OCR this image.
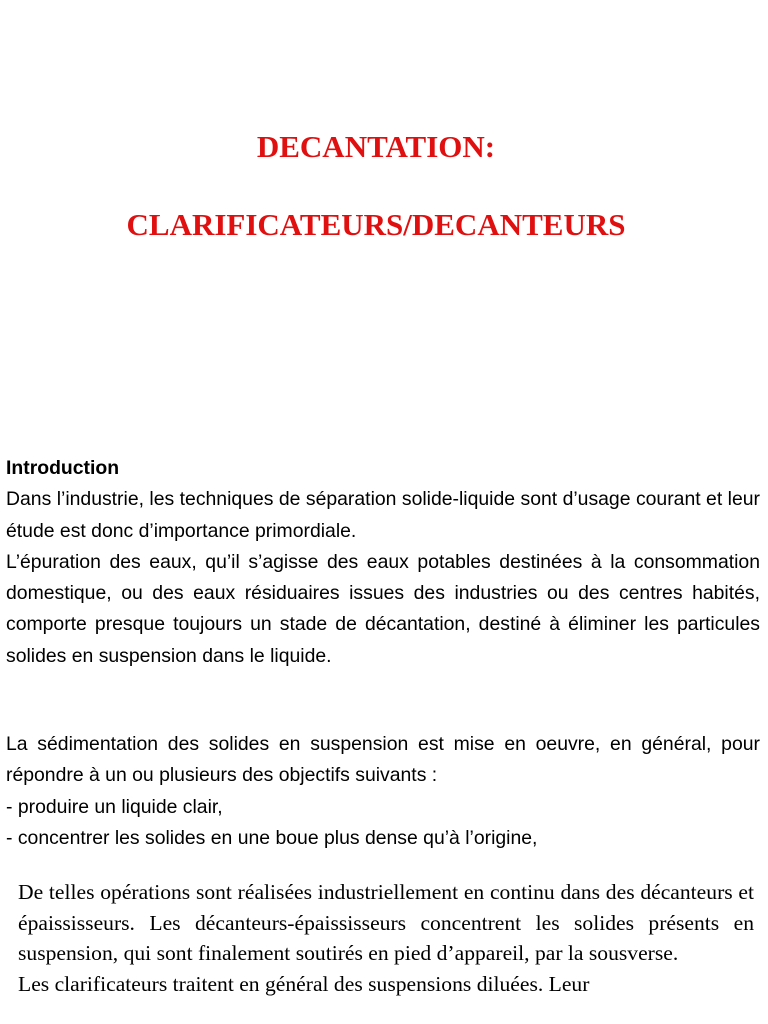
DECANTATION:
CLARIFICATEURS/DECANTEURS

Introduction

Dans l’industrie, les techniques de séparation solide-liquide sont d’usage courant et leur étude est donc d’importance primordiale.

L’épuration des eaux, qu’il s’agisse des eaux potables destinées à la consommation domestique, ou des eaux résiduaires issues des industries ou des centres habités, comporte presque toujours un stade de décantation, destiné à éliminer les particules solides en suspension dans le liquide.

La sédimentation des solides en suspension est mise en oeuvre, en général, pour répondre à un ou plusieurs des objectifs suivants :

- produire un liquide clair,

- concentrer les solides en une boue plus dense qu’à l’origine,

De telles opérations sont réalisées industriellement en continu dans des décanteurs et épaississeurs. Les décanteurs-épaississeurs concentrent les solides présents en suspension, qui sont finalement soutirés en pied d’appareil, par la sousverse.

Les clarificateurs traitent en général des suspensions diluées. Leur
